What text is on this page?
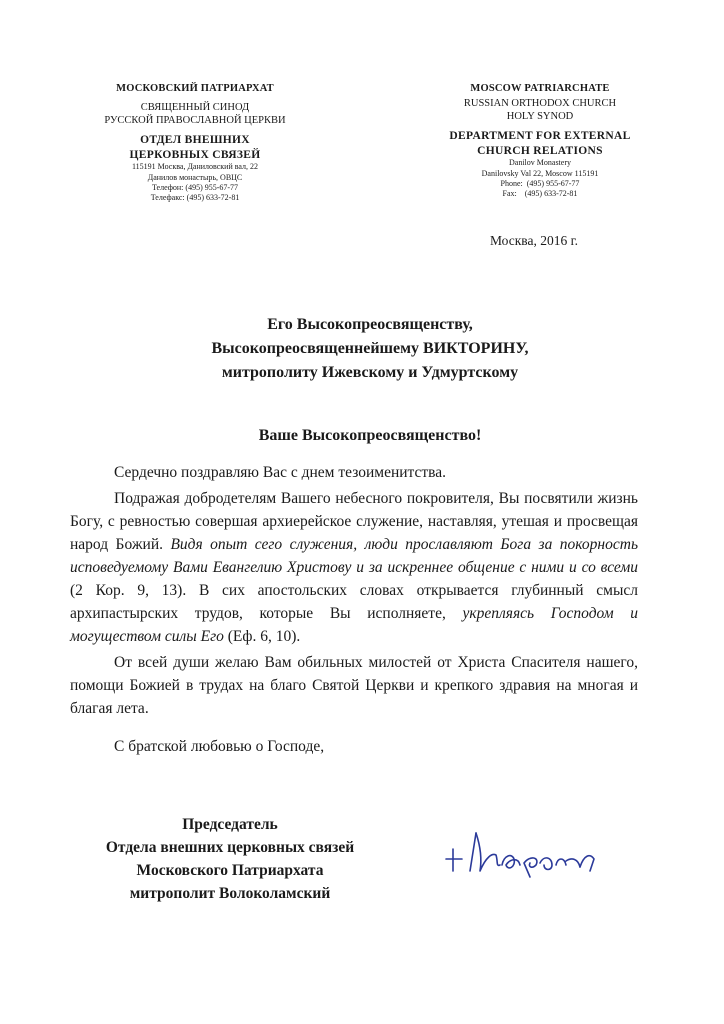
МОСКОВСКИЙ ПАТРИАРХАТ
СВЯЩЕННЫЙ СИНОД
РУССКОЙ ПРАВОСЛАВНОЙ ЦЕРКВИ
ОТДЕЛ ВНЕШНИХ
ЦЕРКОВНЫХ СВЯЗЕЙ
115191 Москва, Даниловский вал, 22
Данилов монастырь, ОВЦС
Телефон: (495) 955-67-77
Телефакс: (495) 633-72-81
MOSCOW PATRIARCHATE
RUSSIAN ORTHODOX CHURCH
HOLY SYNOD
DEPARTMENT FOR EXTERNAL
CHURCH RELATIONS
Danilov Monastery
Danilovsky Val 22, Moscow 115191
Phone:  (495) 955-67-77
Fax:    (495) 633-72-81
Москва, 2016 г.
Его Высокопреосвященству,
Высокопреосвященнейшему ВИКТОРИНУ,
митрополиту Ижевскому и Удмуртскому
Ваше Высокопреосвященство!

Сердечно поздравляю Вас с днем тезоименитства.

Подражая добродетелям Вашего небесного покровителя, Вы посвятили жизнь Богу, с ревностью совершая архиерейское служение, наставляя, утешая и просвещая народ Божий. Видя опыт сего служения, люди прославляют Бога за покорность исповедуемому Вами Евангелию Христову и за искреннее общение с ними и со всеми (2 Кор. 9, 13). В сих апостольских словах открывается глубинный смысл архипастырских трудов, которые Вы исполняете, укрепляясь Господом и могуществом силы Его (Еф. 6, 10).

От всей души желаю Вам обильных милостей от Христа Спасителя нашего, помощи Божией в трудах на благо Святой Церкви и крепкого здравия на многая и благая лета.

С братской любовью о Господе,

Председатель
Отдела внешних церковных связей
Московского Патриархата
митрополит Волоколамский
